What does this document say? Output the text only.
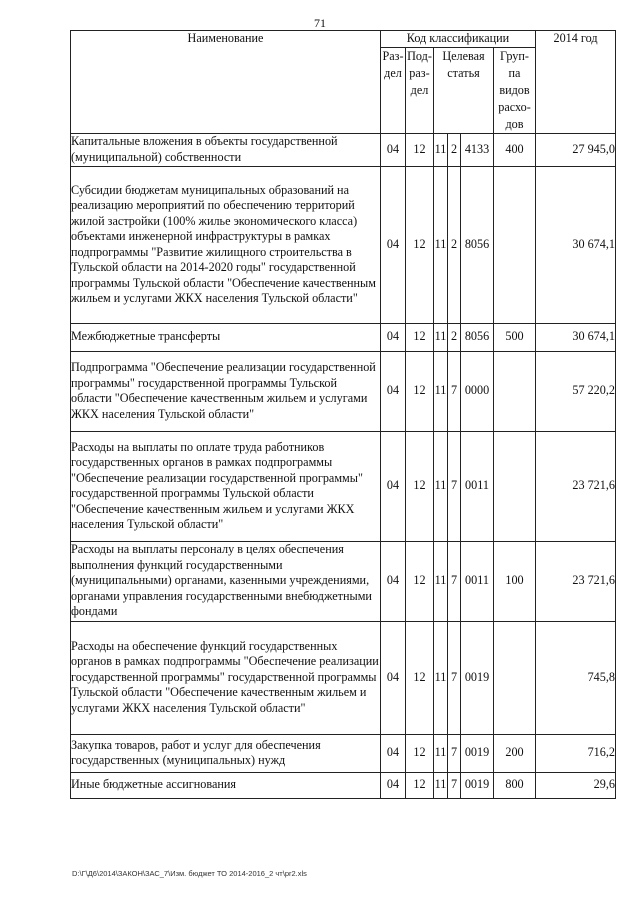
71
Наименование	Код классификации						2014 год
	Раз- дел	Под- раз- дел	Целевая статья			Груп- па видов расхо- дов	
Капитальные вложения в объекты государственной (муниципальной) собственности	04	12	11	2	4133	400	27 945,0
Субсидии бюджетам муниципальных образований на реализацию мероприятий по обеспечению территорий жилой застройки (100% жилье экономического класса) объектами инженерной инфраструктуры в рамках подпрограммы "Развитие жилищного строительства в Тульской области на 2014-2020 годы" государственной программы Тульской области "Обеспечение качественным жильем и услугами ЖКХ населения Тульской области"	04	12	11	2	8056		30 674,1
Межбюджетные трансферты	04	12	11	2	8056	500	30 674,1
Подпрограмма "Обеспечение реализации государственной программы" государственной программы Тульской области "Обеспечение качественным жильем и услугами ЖКХ населения Тульской области"	04	12	11	7	0000		57 220,2
Расходы на выплаты по оплате труда работников государственных органов в рамках подпрограммы "Обеспечение реализации государственной программы" государственной программы Тульской области "Обеспечение качественным жильем и услугами ЖКХ населения Тульской области"	04	12	11	7	0011		23 721,6
Расходы на выплаты персоналу в целях обеспечения выполнения функций государственными (муниципальными) органами, казенными учреждениями, органами управления государственными внебюджетными фондами	04	12	11	7	0011	100	23 721,6
Расходы на обеспечение функций государственных органов в рамках подпрограммы "Обеспечение реализации государственной программы" государственной программы Тульской области "Обеспечение качественным жильем и услугами ЖКХ населения Тульской области"	04	12	11	7	0019		745,8
Закупка товаров, работ и услуг для обеспечения государственных (муниципальных) нужд	04	12	11	7	0019	200	716,2
Иные бюджетные ассигнования	04	12	11	7	0019	800	29,6
D:\Г\Д6\2014\ЗАКОН\ЗАС_7\Изм. бюджет ТО 2014-2016_2 чт\pr2.xls
